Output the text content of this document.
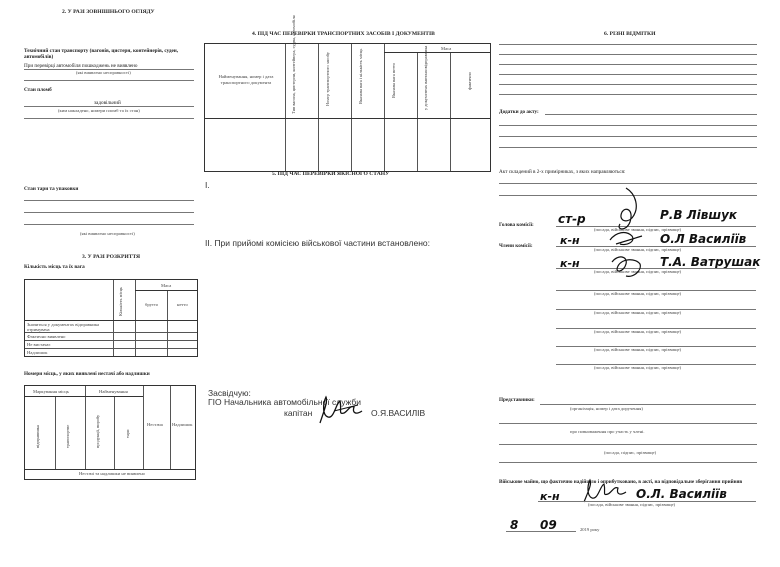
2. У РАЗІ ЗОВНІШНЬОГО ОГЛЯДУ
Технічний стан транспорту (вагонів, цистерн, контейнерів, суден, автомобілів)
При перевірці автомобіля пошкоджень не виявлено
(які виявлено несправності)
Стан пломб
задовільний
(ким накладено, номери пломб та їх стан)
Стан тари та упаковки
(які виявлено несправності)
3. У РАЗІ РОЗКРИТТЯ
Кількість місць та їх вага
Кількість місць
Маса
брутто	нетто
Значиться у документах відправника отримувача
Фактично виявлено
Не вистачає
Надлишок
Номери місць, у яких виявлені нестачі або надлишки
Маркування місць	Найменування
Нестача Надлишок
відправника	транспортне	продукції, виробу	тари
Нестачі та надлишки не виявлено
4. ПІД ЧАС ПЕРЕВІРКИ ТРАНСПОРТНИХ ЗАСОБІВ І ДОКУМЕНТІВ
Найменування, номер і дата транспортного документа
Маса
Тип вагона, цистерни, контейнера, судна, автомобіля	Номер транспортного засобу	Вказана вага і кількість місць	Вказана вага нетто	у документах вантажовідправника	фактично
5. ПІД ЧАС ПЕРЕВІРКИ ЯКІСНОГО СТАНУ
I.
II. При прийомі комісією військової частини встановлено:
Засвідчую:
ГІО Начальника автомобільної служби
капітан	О.Я.ВАСИЛІВ
6. РІЗНІ ВІДМІТКИ
Додатки до акту:
Акт складений в 2-х примірниках, з яких направляються:
Голова комісії:
Члени комісії:
ст-р	Р.В Лівшук
(посада, військове звання, підпис, прізвище)
к-н	О.Л Василіїв
(посада, військове звання, підпис, прізвище)
к-н	Т.А. Ватрушак
(посада, військове звання, підпис, прізвище)
(посада, військове звання, підпис, прізвище)
(посада, військове звання, підпис, прізвище)
(посада, військове звання, підпис, прізвище)
(посада, військове звання, підпис, прізвище)
(посада, військове звання, підпис, прізвище)
Представники:
(організація, номер і дата доручення)
про повноваження про участь у члені.
(посада, підпис, прізвище)
Військове майно, що фактично надійшло і оприбутковано, в акті, на відповідальне зберігання прийняв
к-н	О.Л. Василіїв
(посада, військове звання, підпис, прізвище)
8 09	2019 року
